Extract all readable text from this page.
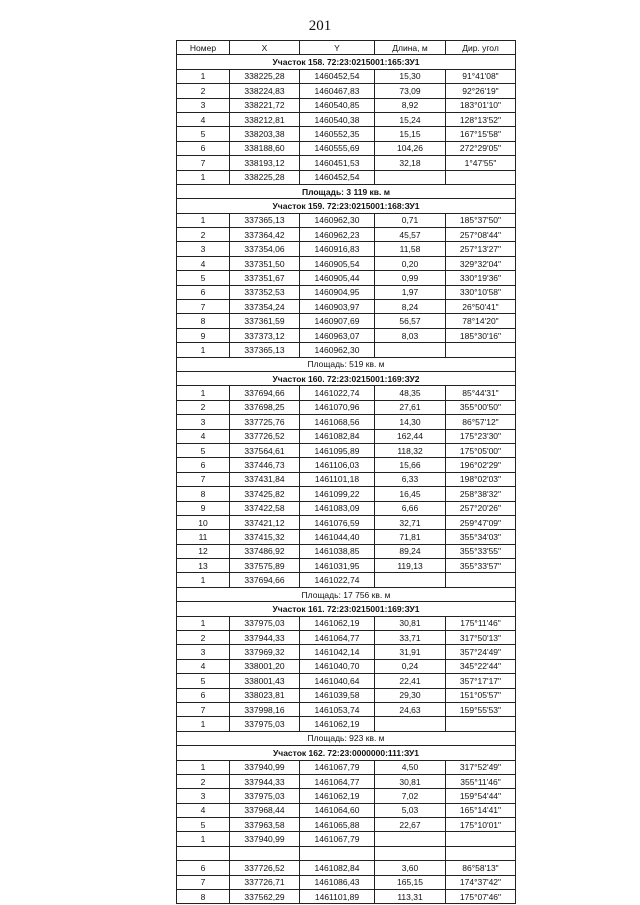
201
Номер	X	Y	Длина, м	Дир. угол
Участок 158. 72:23:0215001:165:ЗУ1				
1	338225,28	1460452,54	15,30	91°41'08"
2	338224,83	1460467,83	73,09	92°26'19"
3	338221,72	1460540,85	8,92	183°01'10"
4	338212,81	1460540,38	15,24	128°13'52"
5	338203,38	1460552,35	15,15	167°15'58"
6	338188,60	1460555,69	104,26	272°29'05"
7	338193,12	1460451,53	32,18	1°47'55"
1	338225,28	1460452,54		
Площадь: 3 119 кв. м				
Участок 159. 72:23:0215001:168:ЗУ1				
1	337365,13	1460962,30	0,71	185°37'50"
2	337364,42	1460962,23	45,57	257°08'44"
3	337354,06	1460916,83	11,58	257°13'27"
4	337351,50	1460905,54	0,20	329°32'04"
5	337351,67	1460905,44	0,99	330°19'36"
6	337352,53	1460904,95	1,97	330°10'58"
7	337354,24	1460903,97	8,24	26°50'41"
8	337361,59	1460907,69	56,57	78°14'20"
9	337373,12	1460963,07	8,03	185°30'16"
1	337365,13	1460962,30		
Площадь: 519 кв. м				
Участок 160. 72:23:0215001:169:ЗУ2				
1	337694,66	1461022,74	48,35	85°44'31"
2	337698,25	1461070,96	27,61	355°00'50"
3	337725,76	1461068,56	14,30	86°57'12"
4	337726,52	1461082,84	162,44	175°23'30"
5	337564,61	1461095,89	118,32	175°05'00"
6	337446,73	1461106,03	15,66	196°02'29"
7	337431,84	1461101,18	6,33	198°02'03"
8	337425,82	1461099,22	16,45	258°38'32"
9	337422,58	1461083,09	6,66	257°20'26"
10	337421,12	1461076,59	32,71	259°47'09"
11	337415,32	1461044,40	71,81	355°34'03"
12	337486,92	1461038,85	89,24	355°33'55"
13	337575,89	1461031,95	119,13	355°33'57"
1	337694,66	1461022,74		
Площадь: 17 756 кв. м				
Участок 161. 72:23:0215001:169:ЗУ1				
1	337975,03	1461062,19	30,81	175°11'46"
2	337944,33	1461064,77	33,71	317°50'13"
3	337969,32	1461042,14	31,91	357°24'49"
4	338001,20	1461040,70	0,24	345°22'44"
5	338001,43	1461040,64	22,41	357°17'17"
6	338023,81	1461039,58	29,30	151°05'57"
7	337998,16	1461053,74	24,63	159°55'53"
1	337975,03	1461062,19		
Площадь: 923 кв. м				
Участок 162. 72:23:0000000:111:ЗУ1				
1	337940,99	1461067,79	4,50	317°52'49"
2	337944,33	1461064,77	30,81	355°11'46"
3	337975,03	1461062,19	7,02	159°54'44"
4	337968,44	1461064,60	5,03	165°14'41"
5	337963,58	1461065,88	22,67	175°10'01"
1	337940,99	1461067,79		

6	337726,52	1461082,84	3,60	86°58'13"
7	337726,71	1461086,43	165,15	174°37'42"
8	337562,29	1461101,89	113,31	175°07'46"
